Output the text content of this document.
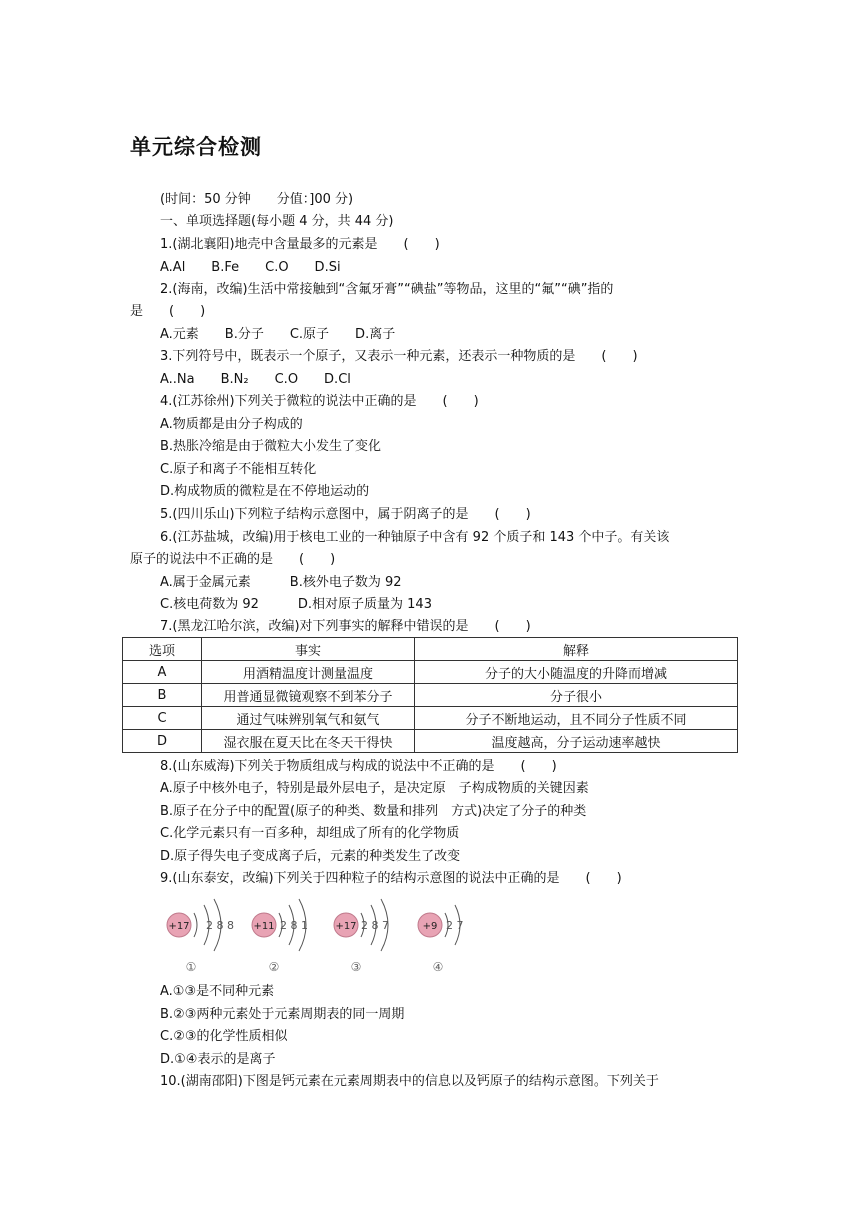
单元综合检测
(时间：50 分钟　　分值：]00 分)
一、单项选择题(每小题 4 分，共 44 分)
1.(湖北襄阳)地壳中含量最多的元素是　　(　　)
A.Al　　B.Fe　　C.O　　D.Si
2.(海南，改编)生活中常接触到“含氟牙膏”“碘盐”等物品，这里的“氟”“碘”指的
是　　(　　)
A.元素　　B.分子　　C.原子　　D.离子
3.下列符号中，既表示一个原子，又表示一种元素，还表示一种物质的是　　(　　)
A..Na　　B.N₂　　C.O　　D.Cl
4.(江苏徐州)下列关于微粒的说法中正确的是　　(　　)
A.物质都是由分子构成的
B.热胀冷缩是由于微粒大小发生了变化
C.原子和离子不能相互转化
D.构成物质的微粒是在不停地运动的
5.(四川乐山)下列粒子结构示意图中，属于阴离子的是　　(　　)
6.(江苏盐城，改编)用于核电工业的一种铀原子中含有 92 个质子和 143 个中子。有关该
原子的说法中不正确的是　　(　　)
A.属于金属元素　　　B.核外电子数为 92
C.核电荷数为 92　　　D.相对原子质量为 143
7.(黑龙江哈尔滨，改编)对下列事实的解释中错误的是　　(　　)
选项	事实	解释
A	用酒精温度计测量温度	分子的大小随温度的升降而增减
B	用普通显微镜观察不到苯分子	分子很小
C	通过气味辨别氧气和氨气	分子不断地运动，且不同分子性质不同
D	湿衣服在夏天比在冬天干得快	温度越高，分子运动速率越快
8.(山东威海)下列关于物质组成与构成的说法中不正确的是　　(　　)
A.原子中核外电子，特别是最外层电子，是决定原　子构成物质的关键因素
B.原子在分子中的配置(原子的种类、数量和排列　方式)决定了分子的种类
C.化学元素只有一百多种，却组成了所有的化学物质
D.原子得失电子变成离子后，元素的种类发生了改变
9.(山东泰安，改编)下列关于四种粒子的结构示意图的说法中正确的是　　(　　)
+17 2 8 8
①
+11 2 8 1
②
+17 2 8 7
③
+9 2 7
④
A.①③是不同种元素
B.②③两种元素处于元素周期表的同一周期
C.②③的化学性质相似
D.①④表示的是离子
10.(湖南邵阳)下图是钙元素在元素周期表中的信息以及钙原子的结构示意图。下列关于
